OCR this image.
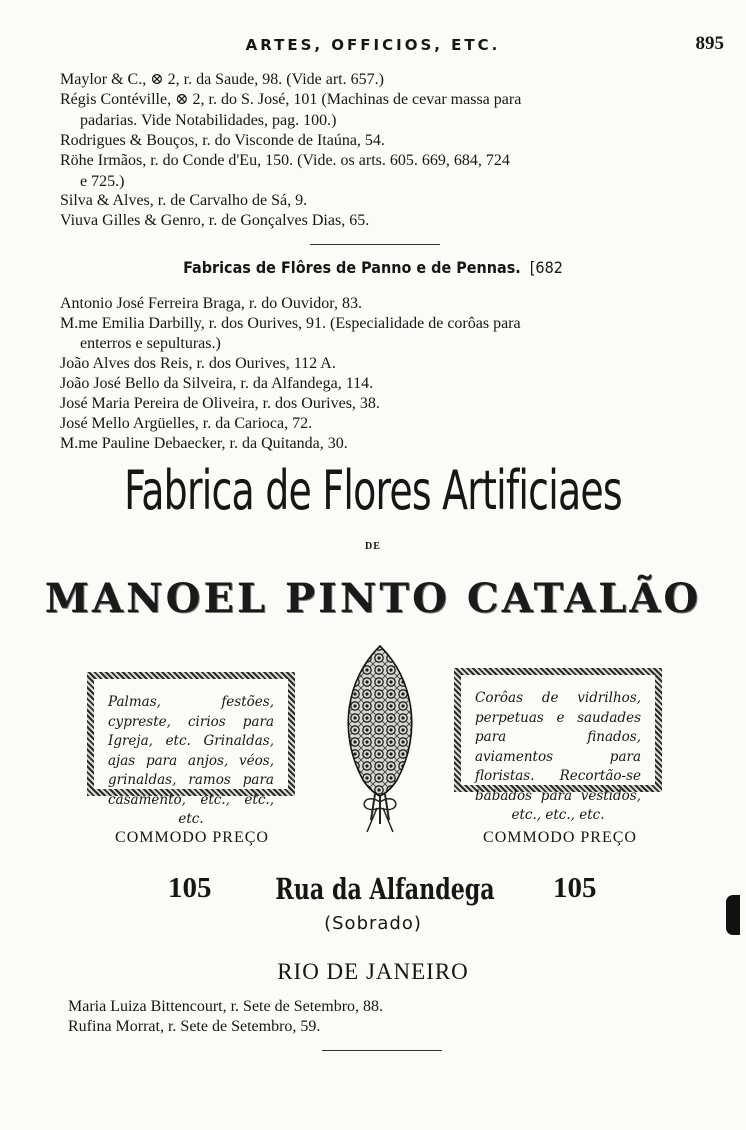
ARTES, OFFICIOS, ETC.	895
Maylor & C., ⊗ 2, r. da Saude, 98. (Vide art. 657.)
Régis Contéville, ⊗ 2, r. do S. José, 101 (Machinas de cevar massa para
padarias. Vide Notabilidades, pag. 100.)
Rodrigues & Bouços, r. do Visconde de Itaúna, 54.
Röhe Irmãos, r. do Conde d'Eu, 150. (Vide. os arts. 605. 669, 684, 724
e 725.)
Silva & Alves, r. de Carvalho de Sá, 9.
Viuva Gilles & Genro, r. de Gonçalves Dias, 65.
Fabricas de Flôres de Panno e de Pennas. [682
Antonio José Ferreira Braga, r. do Ouvidor, 83.
M.me Emilia Darbilly, r. dos Ourives, 91. (Especialidade de corôas para
enterros e sepulturas.)
João Alves dos Reis, r. dos Ourives, 112 A.
João José Bello da Silveira, r. da Alfandega, 114.
José Maria Pereira de Oliveira, r. dos Ourives, 38.
José Mello Argüelles, r. da Carioca, 72.
M.me Pauline Debaecker, r. da Quitanda, 30.
Fabrica de Flores Artificiaes
DE
MANOEL PINTO CATALÃO
Palmas, festões, cypreste, cirios para Igreja, etc. Grinaldas, ajas para anjos, véos, grinaldas, ramos para casamento, etc., etc., etc.
Corôas de vidrilhos, perpetuas e saudades para finados, aviamentos para floristas. Recortão-se babados para vestidos, etc., etc., etc.
COMMODO PREÇO	COMMODO PREÇO
105 Rua da Alfandega 105
(Sobrado)
RIO DE JANEIRO
Maria Luiza Bittencourt, r. Sete de Setembro, 88.
Rufina Morrat, r. Sete de Setembro, 59.
